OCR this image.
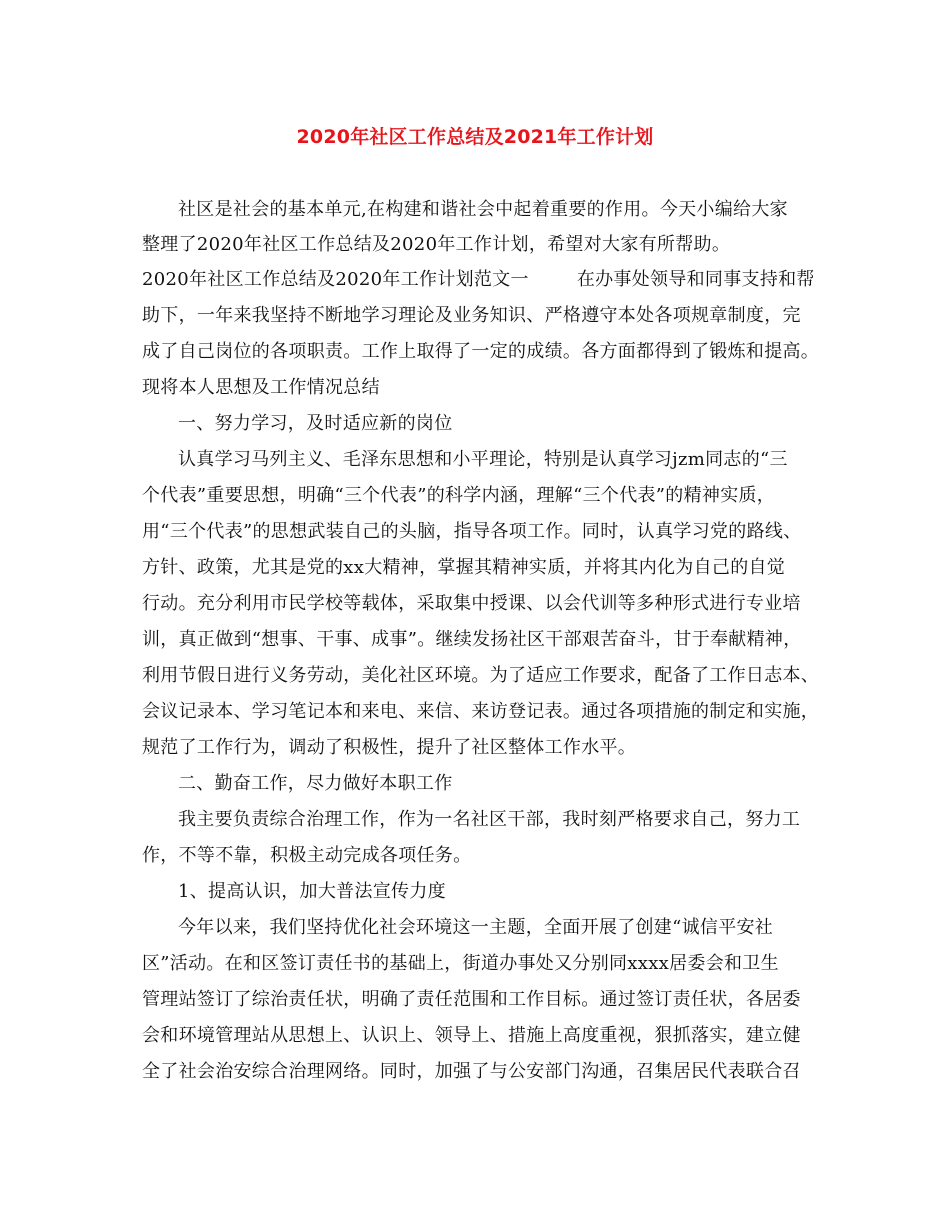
2020年社区工作总结及2021年工作计划
社区是社会的基本单元,在构建和谐社会中起着重要的作用。今天小编给大家
整理了2020年社区工作总结及2020年工作计划，希望对大家有所帮助。
2020年社区工作总结及2020年工作计划范文一	在办事处领导和同事支持和帮
助下，一年来我坚持不断地学习理论及业务知识、严格遵守本处各项规章制度，完
成了自己岗位的各项职责。工作上取得了一定的成绩。各方面都得到了锻炼和提高。
现将本人思想及工作情况总结
一、努力学习，及时适应新的岗位
认真学习马列主义、毛泽东思想和小平理论，特别是认真学习jzm同志的“三
个代表”重要思想，明确“三个代表”的科学内涵，理解“三个代表”的精神实质，
用“三个代表”的思想武装自己的头脑，指导各项工作。同时，认真学习党的路线、
方针、政策，尤其是党的xx大精神，掌握其精神实质，并将其内化为自己的自觉
行动。充分利用市民学校等载体，采取集中授课、以会代训等多种形式进行专业培
训，真正做到“想事、干事、成事”。继续发扬社区干部艰苦奋斗，甘于奉献精神，
利用节假日进行义务劳动，美化社区环境。为了适应工作要求，配备了工作日志本、
会议记录本、学习笔记本和来电、来信、来访登记表。通过各项措施的制定和实施，
规范了工作行为，调动了积极性，提升了社区整体工作水平。
二、勤奋工作，尽力做好本职工作
我主要负责综合治理工作，作为一名社区干部，我时刻严格要求自己，努力工
作，不等不靠，积极主动完成各项任务。
1、提高认识，加大普法宣传力度
今年以来，我们坚持优化社会环境这一主题，全面开展了创建“诚信平安社
区”活动。在和区签订责任书的基础上，街道办事处又分别同xxxx居委会和卫生
管理站签订了综治责任状，明确了责任范围和工作目标。通过签订责任状，各居委
会和环境管理站从思想上、认识上、领导上、措施上高度重视，狠抓落实，建立健
全了社会治安综合治理网络。同时，加强了与公安部门沟通，召集居民代表联合召
